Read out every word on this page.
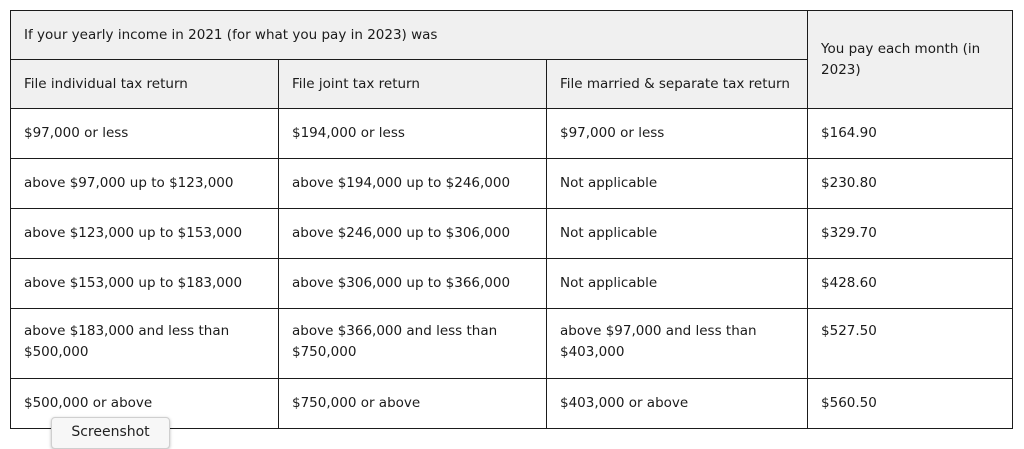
If your yearly income in 2021 (for what you pay in 2023) was			You pay each month (in 2023)
File individual tax return	File joint tax return	File married & separate tax return	
$97,000 or less	$194,000 or less	$97,000 or less	$164.90
above $97,000 up to $123,000	above $194,000 up to $246,000	Not applicable	$230.80
above $123,000 up to $153,000	above $246,000 up to $306,000	Not applicable	$329.70
above $153,000 up to $183,000	above $306,000 up to $366,000	Not applicable	$428.60
above $183,000 and less than $500,000	above $366,000 and less than $750,000	above $97,000 and less than $403,000	$527.50
$500,000 or above	$750,000 or above	$403,000 or above	$560.50
Screenshot
